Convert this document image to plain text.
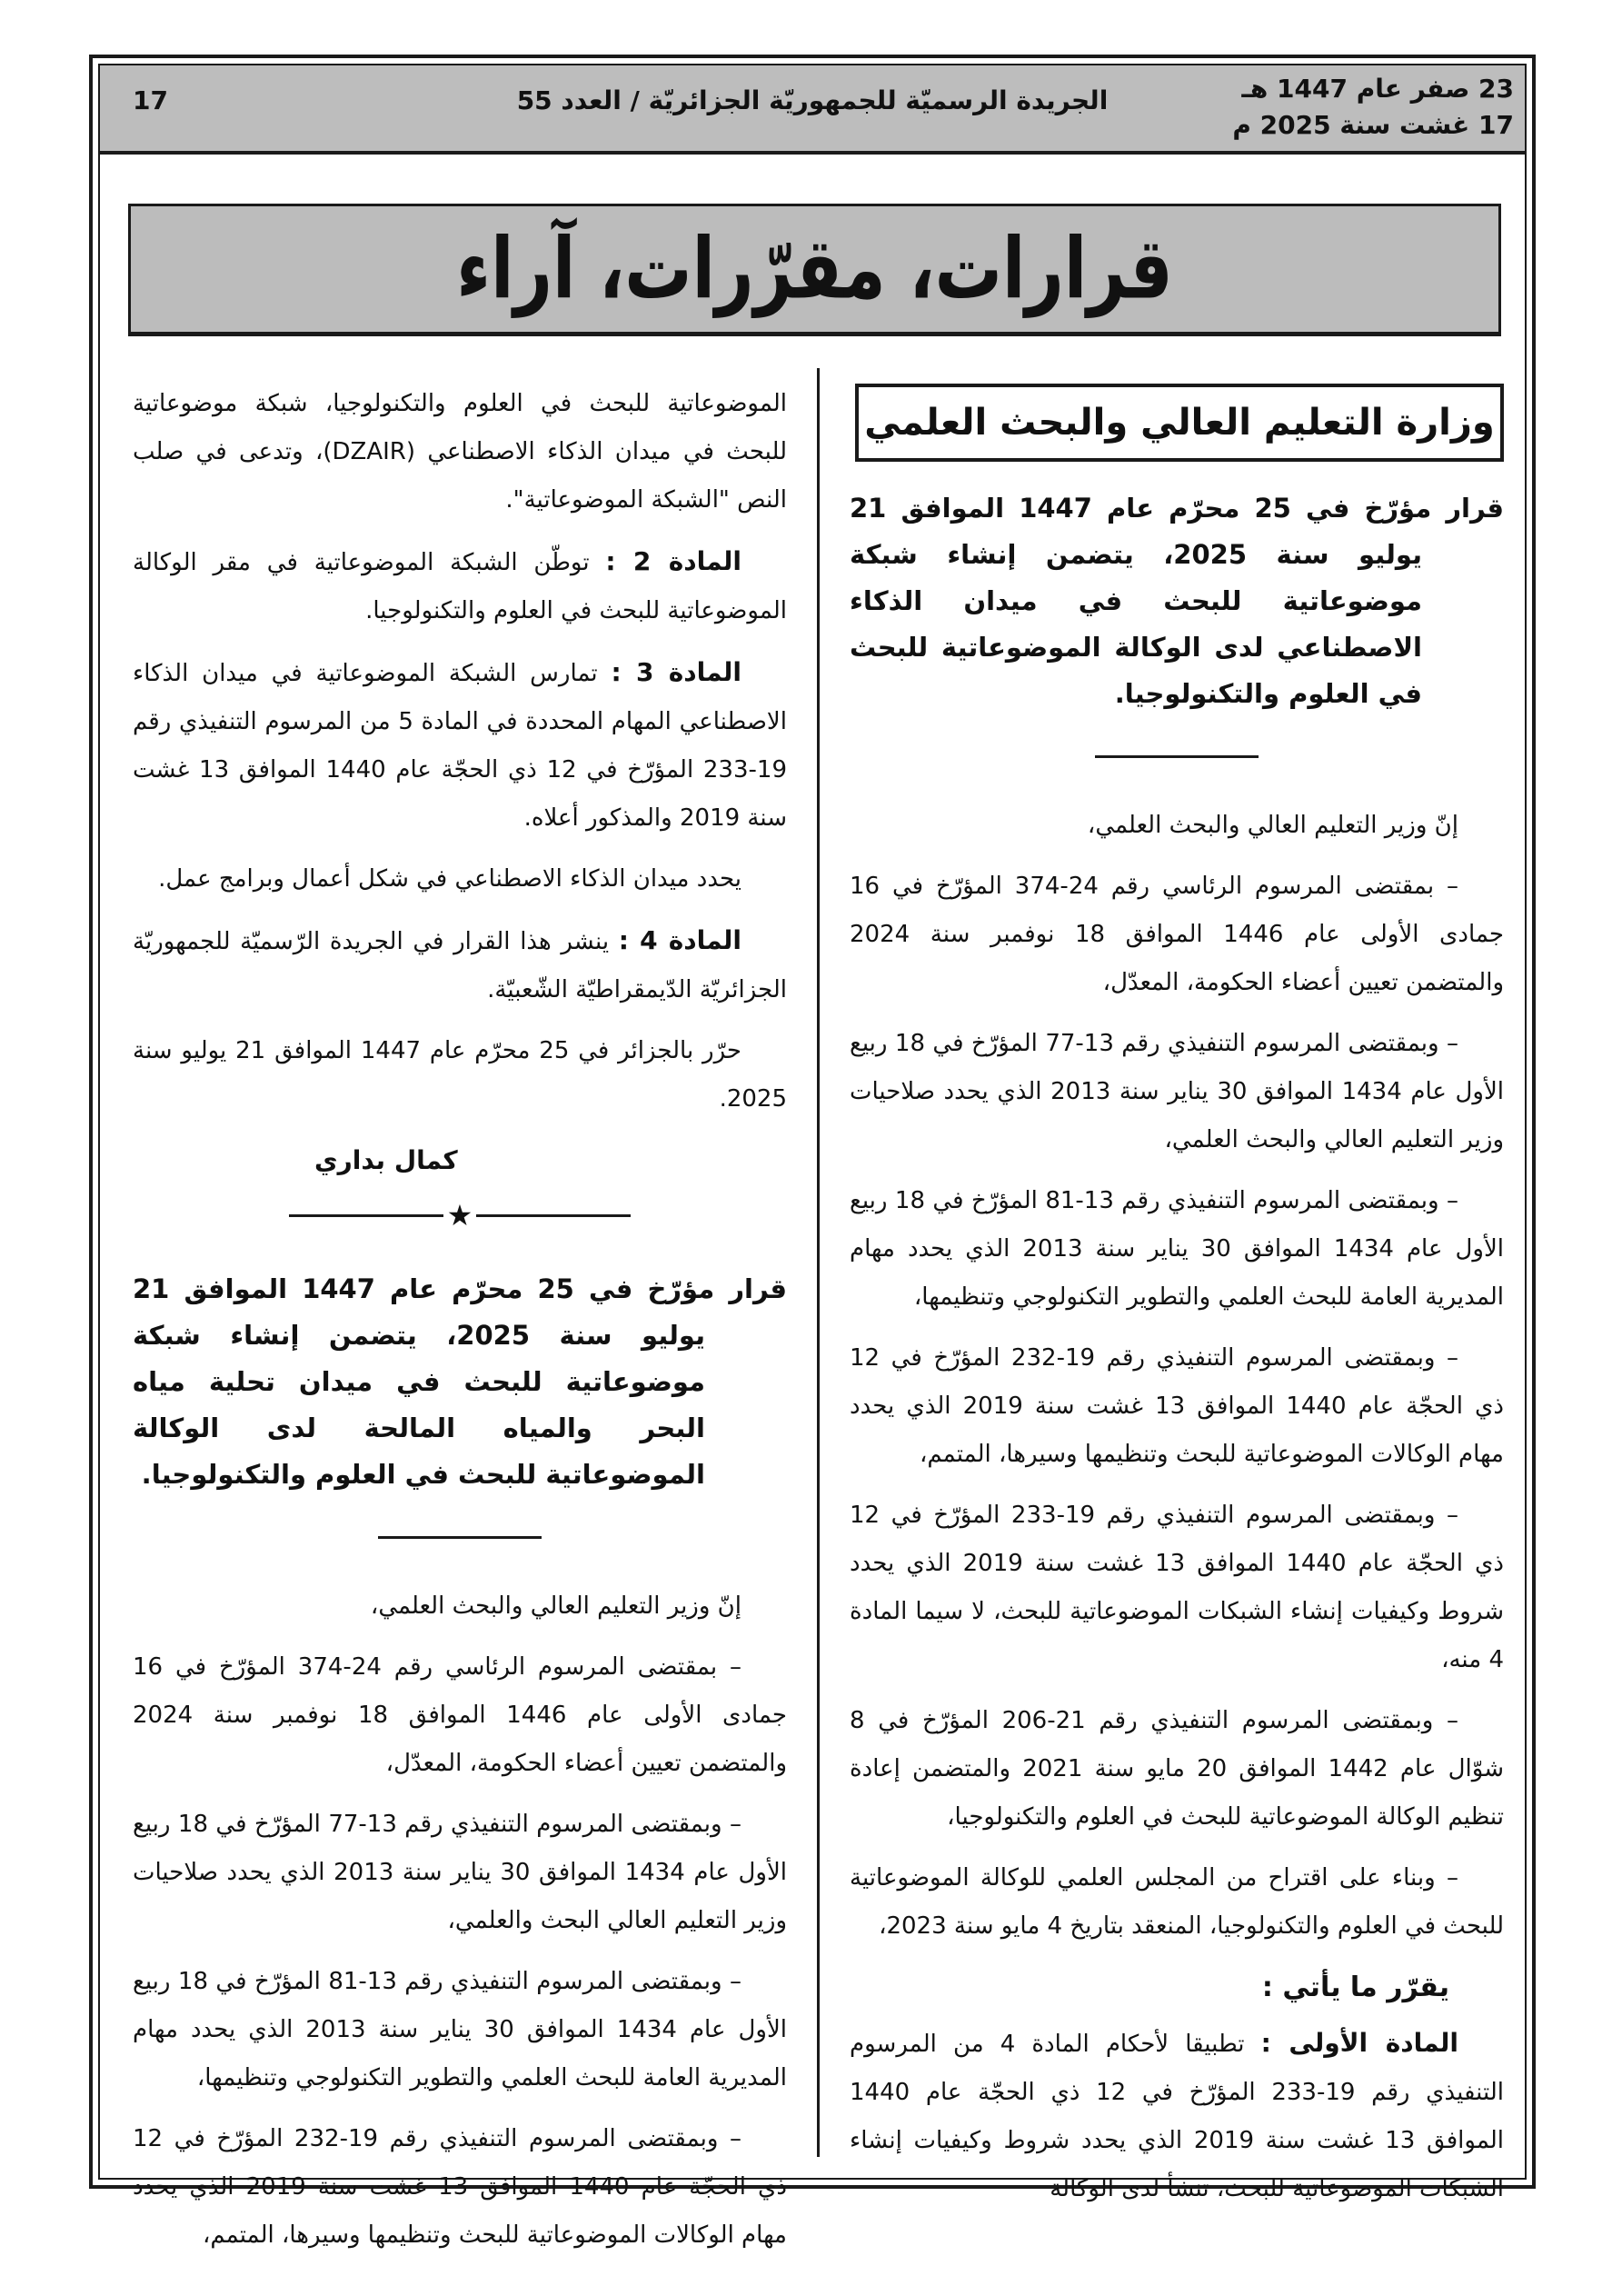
23 صفر عام 1447 هـ
17 غشت سنة 2025 م
الجريدة الرسميّة للجمهوريّة الجزائريّة / العدد 55
17
قرارات، مقرّرات، آراء
وزارة التعليم العالي والبحث العلمي
قرار مؤرّخ في 25 محرّم عام 1447 الموافق 21 يوليو سنة 2025، يتضمن إنشاء شبكة موضوعاتية للبحث في ميدان الذكاء الاصطناعي لدى الوكالة الموضوعاتية للبحث في العلوم والتكنولوجيا.

إنّ وزير التعليم العالي والبحث العلمي،

– بمقتضى المرسوم الرئاسي رقم 24-374 المؤرّخ في 16 جمادى الأولى عام 1446 الموافق 18 نوفمبر سنة 2024 والمتضمن تعيين أعضاء الحكومة، المعدّل،

– وبمقتضى المرسوم التنفيذي رقم 13-77 المؤرّخ في 18 ربيع الأول عام 1434 الموافق 30 يناير سنة 2013 الذي يحدد صلاحيات وزير التعليم العالي والبحث العلمي،

– وبمقتضى المرسوم التنفيذي رقم 13-81 المؤرّخ في 18 ربيع الأول عام 1434 الموافق 30 يناير سنة 2013 الذي يحدد مهام المديرية العامة للبحث العلمي والتطوير التكنولوجي وتنظيمها،

– وبمقتضى المرسوم التنفيذي رقم 19-232 المؤرّخ في 12 ذي الحجّة عام 1440 الموافق 13 غشت سنة 2019 الذي يحدد مهام الوكالات الموضوعاتية للبحث وتنظيمها وسيرها، المتمم،

– وبمقتضى المرسوم التنفيذي رقم 19-233 المؤرّخ في 12 ذي الحجّة عام 1440 الموافق 13 غشت سنة 2019 الذي يحدد شروط وكيفيات إنشاء الشبكات الموضوعاتية للبحث، لا سيما المادة 4 منه،

– وبمقتضى المرسوم التنفيذي رقم 21-206 المؤرّخ في 8 شوّال عام 1442 الموافق 20 مايو سنة 2021 والمتضمن إعادة تنظيم الوكالة الموضوعاتية للبحث في العلوم والتكنولوجيا،

– وبناء على اقتراح من المجلس العلمي للوكالة الموضوعاتية للبحث في العلوم والتكنولوجيا، المنعقد بتاريخ 4 مايو سنة 2023،

يقرّر ما يأتي :

المادة الأولى : تطبيقا لأحكام المادة 4 من المرسوم التنفيذي رقم 19-233 المؤرّخ في 12 ذي الحجّة عام 1440 الموافق 13 غشت سنة 2019 الذي يحدد شروط وكيفيات إنشاء الشبكات الموضوعاتية للبحث، تنشأ لدى الوكالة

الموضوعاتية للبحث في العلوم والتكنولوجيا، شبكة موضوعاتية للبحث في ميدان الذكاء الاصطناعي (DZAIR)، وتدعى في صلب النص "الشبكة الموضوعاتية".

المادة 2 : توطّن الشبكة الموضوعاتية في مقر الوكالة الموضوعاتية للبحث في العلوم والتكنولوجيا.

المادة 3 : تمارس الشبكة الموضوعاتية في ميدان الذكاء الاصطناعي المهام المحددة في المادة 5 من المرسوم التنفيذي رقم 19-233 المؤرّخ في 12 ذي الحجّة عام 1440 الموافق 13 غشت سنة 2019 والمذكور أعلاه.

يحدد ميدان الذكاء الاصطناعي في شكل أعمال وبرامج عمل.

المادة 4 : ينشر هذا القرار في الجريدة الرّسميّة للجمهوريّة الجزائريّة الدّيمقراطيّة الشّعبيّة.

حرّر بالجزائر في 25 محرّم عام 1447 الموافق 21 يوليو سنة 2025.

كمال بداري
★
قرار مؤرّخ في 25 محرّم عام 1447 الموافق 21 يوليو سنة 2025، يتضمن إنشاء شبكة موضوعاتية للبحث في ميدان تحلية مياه البحر والمياه المالحة لدى الوكالة الموضوعاتية للبحث في العلوم والتكنولوجيا.

إنّ وزير التعليم العالي والبحث العلمي،

– بمقتضى المرسوم الرئاسي رقم 24-374 المؤرّخ في 16 جمادى الأولى عام 1446 الموافق 18 نوفمبر سنة 2024 والمتضمن تعيين أعضاء الحكومة، المعدّل،

– وبمقتضى المرسوم التنفيذي رقم 13-77 المؤرّخ في 18 ربيع الأول عام 1434 الموافق 30 يناير سنة 2013 الذي يحدد صلاحيات وزير التعليم العالي البحث والعلمي،

– وبمقتضى المرسوم التنفيذي رقم 13-81 المؤرّخ في 18 ربيع الأول عام 1434 الموافق 30 يناير سنة 2013 الذي يحدد مهام المديرية العامة للبحث العلمي والتطوير التكنولوجي وتنظيمها،

– وبمقتضى المرسوم التنفيذي رقم 19-232 المؤرّخ في 12 ذي الحجّة عام 1440 الموافق 13 غشت سنة 2019 الذي يحدد مهام الوكالات الموضوعاتية للبحث وتنظيمها وسيرها، المتمم،
